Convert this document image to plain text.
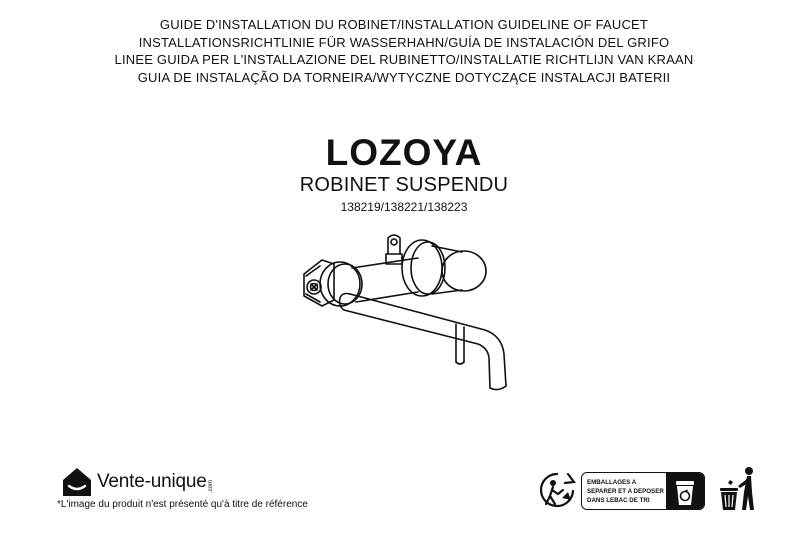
GUIDE D'INSTALLATION DU ROBINET/INSTALLATION GUIDELINE OF FAUCET
INSTALLATIONSRICHTLINIE FÜR WASSERHAHN/GUÍA DE INSTALACIÓN DEL GRIFO
LINEE GUIDA PER L'INSTALLAZIONE DEL RUBINETTO/INSTALLATIE RICHTLIJN VAN KRAAN
GUIA DE INSTALAÇÃO DA TORNEIRA/WYTYCZNE DOTYCZĄCE INSTALACJI BATERII
LOZOYA
ROBINET SUSPENDU
138219/138221/138223
Vente-unique .com
*L'image du produit n'est présenté qu'à titre de référence
EMBALLAGES A
SEPARER ET A DEPOSER
DANS LEBAC DE TRI
